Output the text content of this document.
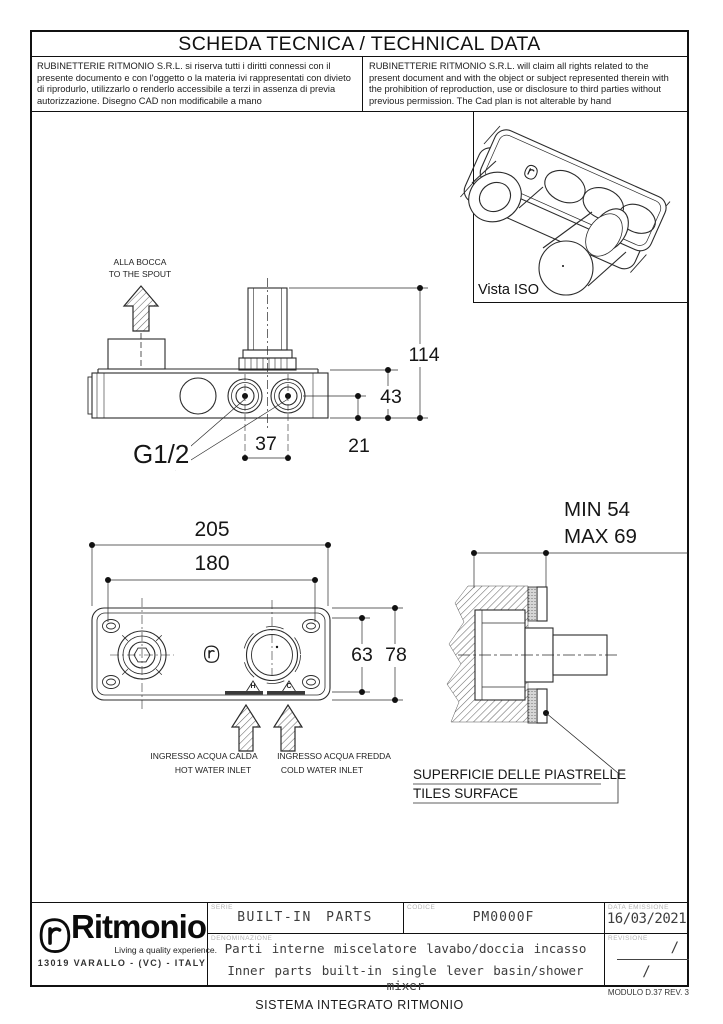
SCHEDA TECNICA / TECHNICAL DATA
RUBINETTERIE RITMONIO S.R.L. si riserva tutti i diritti connessi con il presente documento e con l'oggetto o la materia ivi rappresentati con divieto di riprodurlo, utilizzarlo o renderlo accessibile a terzi in assenza di previa autorizzazione. Disegno CAD non modificabile a mano
RUBINETTERIE RITMONIO S.R.L. will claim all rights related to the present document and with the object or subject represented therein with the prohibition of reproduction, use or disclosure to third parties without previous permission. The Cad plan is not alterable by hand
Vista ISO
ALLA BOCCA
TO THE SPOUT
114
43
21
37
G1/2
205
180
63 78
H	C
INGRESSO ACQUA CALDA
HOT WATER INLET
INGRESSO ACQUA FREDDA
COLD WATER INLET
MIN 54
MAX 69
SUPERFICIE DELLE PIASTRELLE
TILES SURFACE
SERIE
BUILT-IN PARTS
CODICE
PM0000F
DATA EMISSIONE
16/03/2021
DENOMINAZIONE
Parti interne miscelatore lavabo/doccia incasso
Inner parts built-in single lever basin/shower mixer
REVISIONE
/
/
Ritmonio
Living a quality experience.
13019 VARALLO - (VC) - ITALY
SISTEMA INTEGRATO RITMONIO
MODULO D.37 REV. 3
